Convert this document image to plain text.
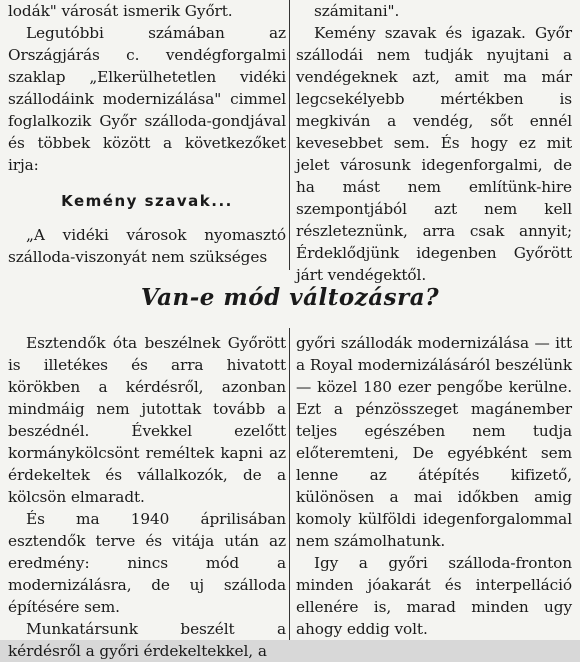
lodák" városát ismerik Győrt.

Legutóbbi számában az Országjárás c. vendégforgalmi szaklap „Elkerülhetetlen vidéki szállodáink modernizálása" cimmel foglalkozik Győr szálloda-gondjával és többek között a következőket irja:

Kemény szavak...

„A vidéki városok nyomasztó szálloda-viszonyát nem szükséges

számitani".

Kemény szavak és igazak. Győr szállodái nem tudják nyujtani a vendégeknek azt, amit ma már legcsekélyebb mértékben is megkiván a vendég, sőt ennél kevesebbet sem. És hogy ez mit jelet városunk idegenforgalmi, de ha mást nem említünk-hire szempontjából azt nem kell részleteznünk, arra csak annyit; Érdeklődjünk idegenben Győrött járt vendégektől.

Van-e mód változásra?

Esztendők óta beszélnek Győrött is illetékes és arra hivatott körökben a kérdésről, azonban mindmáig nem jutottak tovább a beszédnél. Évekkel ezelőtt kormánykölcsönt reméltek kapni az érdekeltek és vállalkozók, de a kölcsön elmaradt.

És ma 1940 áprilisában esztendők terve és vitája után az eredmény: nincs mód a modernizálásra, de uj szálloda építésére sem.

Munkatársunk beszélt a kérdésről a győri érdekeltekkel, a

győri szállodák modernizálása — itt a Royal modernizálásáról beszélünk — közel 180 ezer pengőbe kerülne. Ezt a pénzösszeget magánember teljes egészében nem tudja előteremteni, De egyébként sem lenne az átépítés kifizető, különösen a mai időkben amig komoly külföldi idegenforgalommal nem számolhatunk.

Igy a győri szálloda-fronton minden jóakarát és interpelláció ellenére is, marad minden ugy ahogy eddig volt.
